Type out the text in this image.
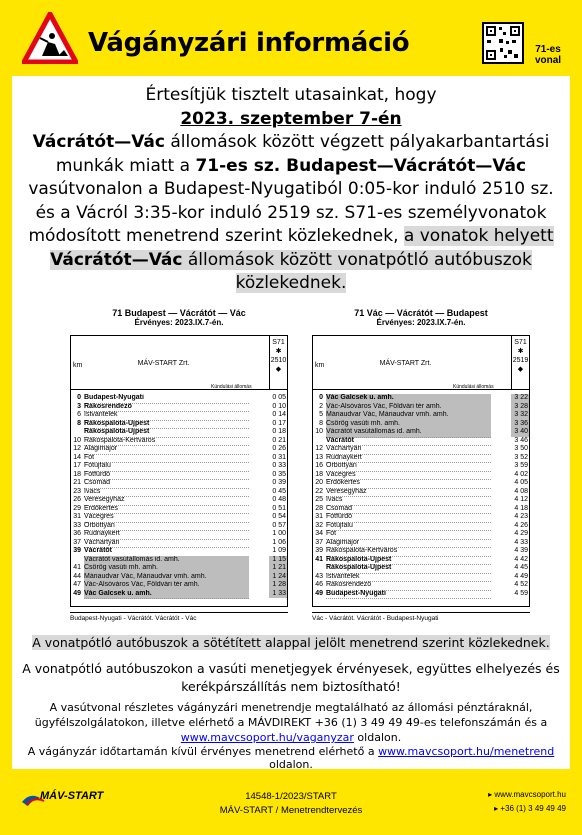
Vágányzári információ	71-es vonal
Értesítjük tisztelt utasainkat, hogy
2023. szeptember 7-én
Vácrátót—Vác állomások között végzett pályakarbantartási munkák miatt a 71-es sz. Budapest—Vácrátót—Vác vasútvonalon a Budapest-Nyugatiból 0:05-kor induló 2510 sz. és a Vácról 3:35-kor induló 2519 sz. S71-es személyvonatok módosított menetrend szerint közlekednek, a vonatok helyett Vácrátót—Vác állomások között vonatpótló autóbuszok közlekednek.
71 Budapest — Vácrátót — Vác
Érvényes: 2023.IX.7-én.
km	MÁV-START Zrt.
S71
✱
2510
◆
Kündulási állomás
0 Budapest-Nyugati	0 05
3 Rákosrendező	0 10
6 Istvántelek	0 14
8 Rákospalota-Újpest	0 17
Rákospalota-Újpest	0 18
10 Rákospalota-Kertváros	0 21
12 Alagimajor	0 26
14 Fót	0 31
17 Fótújfalu	0 33
18 Fótfürdő	0 35
21 Csomád	0 39
23 Ivacs	0 45
26 Veresegyház	0 48
29 Erdőkertes	0 51
31 Vácegres	0 54
33 Őrbottyán	0 57
36 Rudnaykert	1 00
37 Váchartyán	1 06
39 Vácrátót	1 09
Vácrátót vasútállomás id. amh.	1 15
41 Csörög vasúti mh. amh.	1 21
44 Máriaudvar Vác, Máriaudvar vmh. amh.	1 24
47 Vác-Alsóváros Vác, Földvári tér amh.	1 28
49 Vác Galcsek u. amh.	1 33
Budapest-Nyugati - Vácrátót. Vácrátót - Vác
71 Vác — Vácrátót — Budapest
Érvényes: 2023.IX.7-én.
km	MÁV-START Zrt.
S71
✱
2519
◆
Kündulási állomás
0 Vác Galcsek u. amh.	3 22
2 Vác-Alsóváros Vác, Földvári tér amh.	3 28
5 Máriaudvar Vác, Máriaudvar vmh. amh.	3 32
8 Csörög vasúti mh. amh.	3 36
10 Vácrátót vasútállomás id. amh.	3 40
Vácrátót	3 46
12 Váchartyán	3 50
13 Rudnaykert	3 52
16 Őrbottyán	3 59
18 Vácegres	4 02
20 Erdőkertes	4 05
22 Veresegyház	4 08
25 Ivacs	4 12
28 Csomád	4 18
31 Fótfürdő	4 23
32 Fótújfalu	4 26
34 Fót	4 29
37 Alagimajor	4 33
39 Rákospalota-Kertváros	4 39
41 Rákospalota-Újpest	4 42
Rákospalota-Újpest	4 45
43 Istvántelek	4 49
46 Rákosrendező	4 52
49 Budapest-Nyugati	4 59
Vác - Vácrátót. Vácrátót - Budapest-Nyugati
A vonatpótló autóbuszok a sötétített alappal jelölt menetrend szerint közlekednek.
A vonatpótló autóbuszokon a vasúti menetjegyek érvényesek, együttes elhelyezés és kerékpárszállítás nem biztosítható!
A vasútvonal részletes vágányzári menetrendje megtalálható az állomási pénztáraknál, ügyfélszolgálatokon, illetve elérhető a MÁVDIREKT +36 (1) 3 49 49 49-es telefonszámán és a www.mavcsoport.hu/vaganyzar oldalon.
A vágányzár időtartamán kívül érvényes menetrend elérhető a www.mavcsoport.hu/menetrend oldalon.
MÁV-START	14548-1/2023/START
MÁV-START / Menetrendtervezés
▸ www.mavcsoport.hu
▸ +36 (1) 3 49 49 49
